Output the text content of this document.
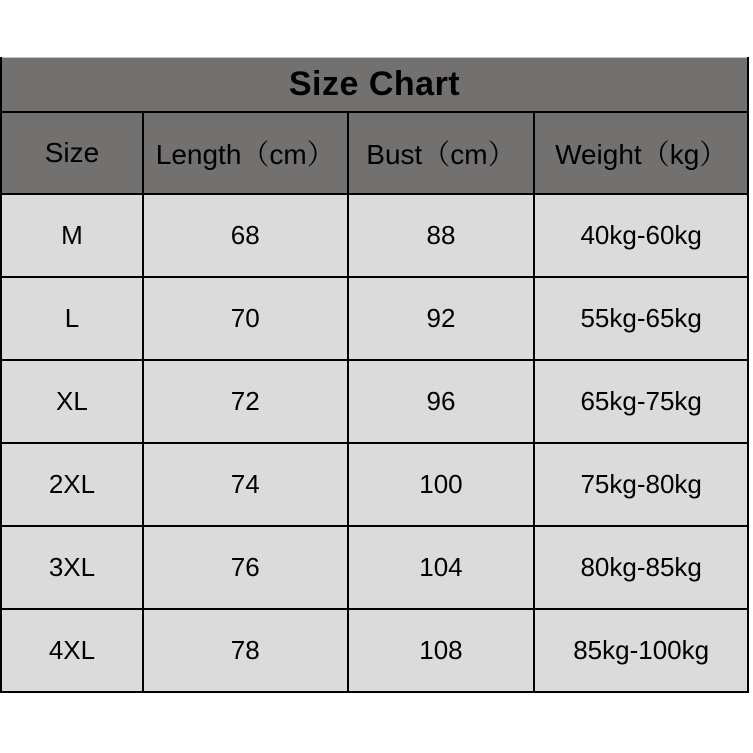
Size Chart			
Size	Length（cm）	Bust（cm）	Weight（kg）
M	68	88	40kg-60kg
L	70	92	55kg-65kg
XL	72	96	65kg-75kg
2XL	74	100	75kg-80kg
3XL	76	104	80kg-85kg
4XL	78	108	85kg-100kg
